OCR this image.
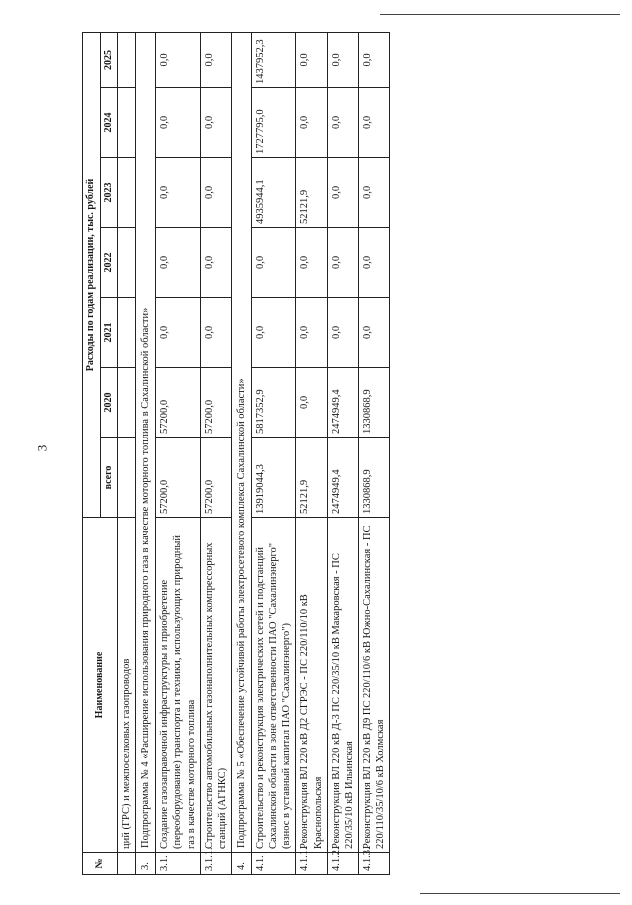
3
№	Наименование	Расходы по годам реализации, тыс. рублей						
		всего	2020	2021	2022	2023	2024	2025
	ций (ГРС) и межпоселковых газопроводов							
3.	Подпрограмма № 4 «Расширение использования природного газа в качестве моторного топлива в Сахалинской области»							
3.1.	Создание газозаправочной инфраструктуры и приобретение (переоборудование) транспорта и техники, использующих природный газ в качестве моторного топлива	57200,0	57200,0	0,0	0,0	0,0	0,0	0,0
3.1.1.	Строительство автомобильных газонаполнительных компрессорных станций (АГНКС)	57200,0	57200,0	0,0	0,0	0,0	0,0	0,0
4.	Подпрограмма № 5 «Обеспечение устойчивой работы электросетевого комплекса Сахалинской области»							
4.1.	Строительство и реконструкция электрических сетей и подстанций Сахалинской области в зоне ответственности ПАО "Сахалинэнерго" (взнос в уставный капитал ПАО "Сахалинэнерго")	13919044,3	5817352,9	0,0	0,0	4935944,1	1727795,0	1437952,3
4.1.1.	Реконструкция ВЛ 220 кВ Д2 СГРЭС - ПС 220/110/10 кВ Краснопольская	52121,9	0,0	0,0	0,0	52121,9	0,0	0,0
4.1.2.	Реконструкция ВЛ 220 кВ Д-3 ПС 220/35/10 кВ Макаровская - ПС 220/35/10 кВ Ильинская	2474949,4	2474949,4	0,0	0,0	0,0	0,0	0,0
4.1.3.	Реконструкция ВЛ 220 кВ Д9 ПС 220/110/6 кВ Южно-Сахалинская - ПС 220/110/35/10/6 кВ Холмская	1330868,9	1330868,9	0,0	0,0	0,0	0,0	0,0
